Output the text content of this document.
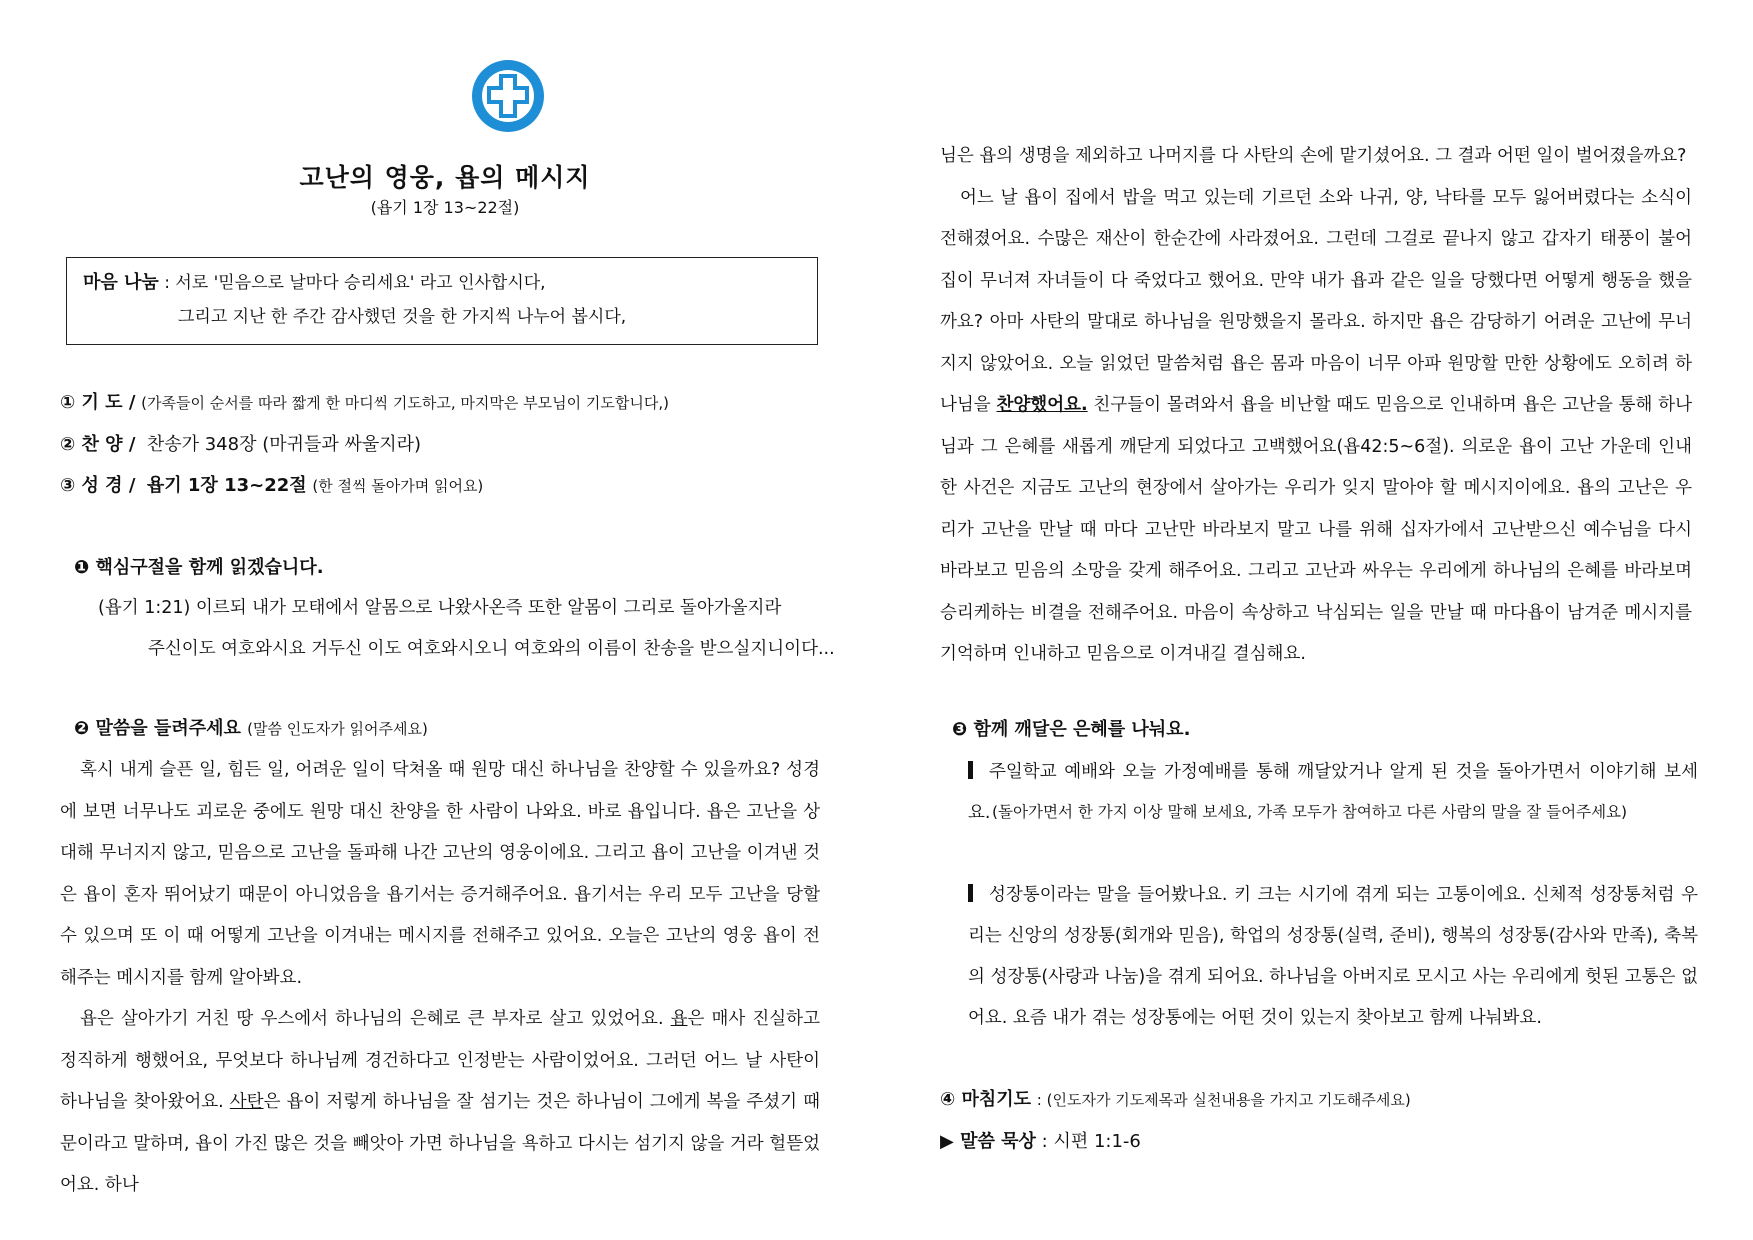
고난의 영웅, 욥의 메시지
(욥기 1장 13~22절)
마음 나눔 : 서로 '믿음으로 날마다 승리세요' 라고 인사합시다,
그리고 지난 한 주간 감사했던 것을 한 가지씩 나누어 봅시다,
① 기 도 / (가족들이 순서를 따라 짧게 한 마디씩 기도하고, 마지막은 부모님이 기도합니다,)
② 찬 양 / 찬송가 348장 (마귀들과 싸울지라)
③ 성 경 / 욥기 1장 13~22절 (한 절씩 돌아가며 읽어요)
❶ 핵심구절을 함께 읽겠습니다.
(욥기 1:21) 이르되 내가 모태에서 알몸으로 나왔사온즉 또한 알몸이 그리로 돌아가올지라
주신이도 여호와시요 거두신 이도 여호와시오니 여호와의 이름이 찬송을 받으실지니이다...
❷ 말씀을 들려주세요 (말씀 인도자가 읽어주세요)

혹시 내게 슬픈 일, 힘든 일, 어려운 일이 닥쳐올 때 원망 대신 하나님을 찬양할 수 있을까요? 성경에 보면 너무나도 괴로운 중에도 원망 대신 찬양을 한 사람이 나와요. 바로 욥입니다. 욥은 고난을 상대해 무너지지 않고, 믿음으로 고난을 돌파해 나간 고난의 영웅이에요. 그리고 욥이 고난을 이겨낸 것은 욥이 혼자 뛰어났기 때문이 아니었음을 욥기서는 증거해주어요. 욥기서는 우리 모두 고난을 당할 수 있으며 또 이 때 어떻게 고난을 이겨내는 메시지를 전해주고 있어요. 오늘은 고난의 영웅 욥이 전해주는 메시지를 함께 알아봐요.

욥은 살아가기 거친 땅 우스에서 하나님의 은혜로 큰 부자로 살고 있었어요. 욥은 매사 진실하고 정직하게 행했어요, 무엇보다 하나님께 경건하다고 인정받는 사람이었어요. 그러던 어느 날 사탄이 하나님을 찾아왔어요. 사탄은 욥이 저렇게 하나님을 잘 섬기는 것은 하나님이 그에게 복을 주셨기 때문이라고 말하며, 욥이 가진 많은 것을 빼앗아 가면 하나님을 욕하고 다시는 섬기지 않을 거라 헐뜯었어요. 하나

님은 욥의 생명을 제외하고 나머지를 다 사탄의 손에 맡기셨어요. 그 결과 어떤 일이 벌어졌을까요?

어느 날 욥이 집에서 밥을 먹고 있는데 기르던 소와 나귀, 양, 낙타를 모두 잃어버렸다는 소식이 전해졌어요. 수많은 재산이 한순간에 사라졌어요. 그런데 그걸로 끝나지 않고 갑자기 태풍이 불어 집이 무너져 자녀들이 다 죽었다고 했어요. 만약 내가 욥과 같은 일을 당했다면 어떻게 행동을 했을까요? 아마 사탄의 말대로 하나님을 원망했을지 몰라요. 하지만 욥은 감당하기 어려운 고난에 무너지지 않았어요. 오늘 읽었던 말씀처럼 욥은 몸과 마음이 너무 아파 원망할 만한 상황에도 오히려 하나님을 찬양했어요. 친구들이 몰려와서 욥을 비난할 때도 믿음으로 인내하며 욥은 고난을 통해 하나님과 그 은혜를 새롭게 깨닫게 되었다고 고백했어요(욥42:5~6절). 의로운 욥이 고난 가운데 인내한 사건은 지금도 고난의 현장에서 살아가는 우리가 잊지 말아야 할 메시지이에요. 욥의 고난은 우리가 고난을 만날 때 마다 고난만 바라보지 말고 나를 위해 십자가에서 고난받으신 예수님을 다시 바라보고 믿음의 소망을 갖게 해주어요. 그리고 고난과 싸우는 우리에게 하나님의 은혜를 바라보며 승리케하는 비결을 전해주어요. 마음이 속상하고 낙심되는 일을 만날 때 마다욥이 남겨준 메시지를 기억하며 인내하고 믿음으로 이겨내길 결심해요.

❸ 함께 깨달은 은혜를 나눠요.
주일학교 예배와 오늘 가정예배를 통해 깨달았거나 알게 된 것을 돌아가면서 이야기해 보세요. (돌아가면서 한 가지 이상 말해 보세요, 가족 모두가 참여하고 다른 사람의 말을 잘 들어주세요)
성장통이라는 말을 들어봤나요. 키 크는 시기에 겪게 되는 고통이에요. 신체적 성장통처럼 우리는 신앙의 성장통(회개와 믿음), 학업의 성장통(실력, 준비), 행복의 성장통(감사와 만족), 축복의 성장통(사랑과 나눔)을 겪게 되어요. 하나님을 아버지로 모시고 사는 우리에게 헛된 고통은 없어요. 요즘 내가 겪는 성장통에는 어떤 것이 있는지 찾아보고 함께 나눠봐요.
④ 마침기도 : (인도자가 기도제목과 실천내용을 가지고 기도해주세요)
▶ 말씀 묵상 : 시편 1:1-6
